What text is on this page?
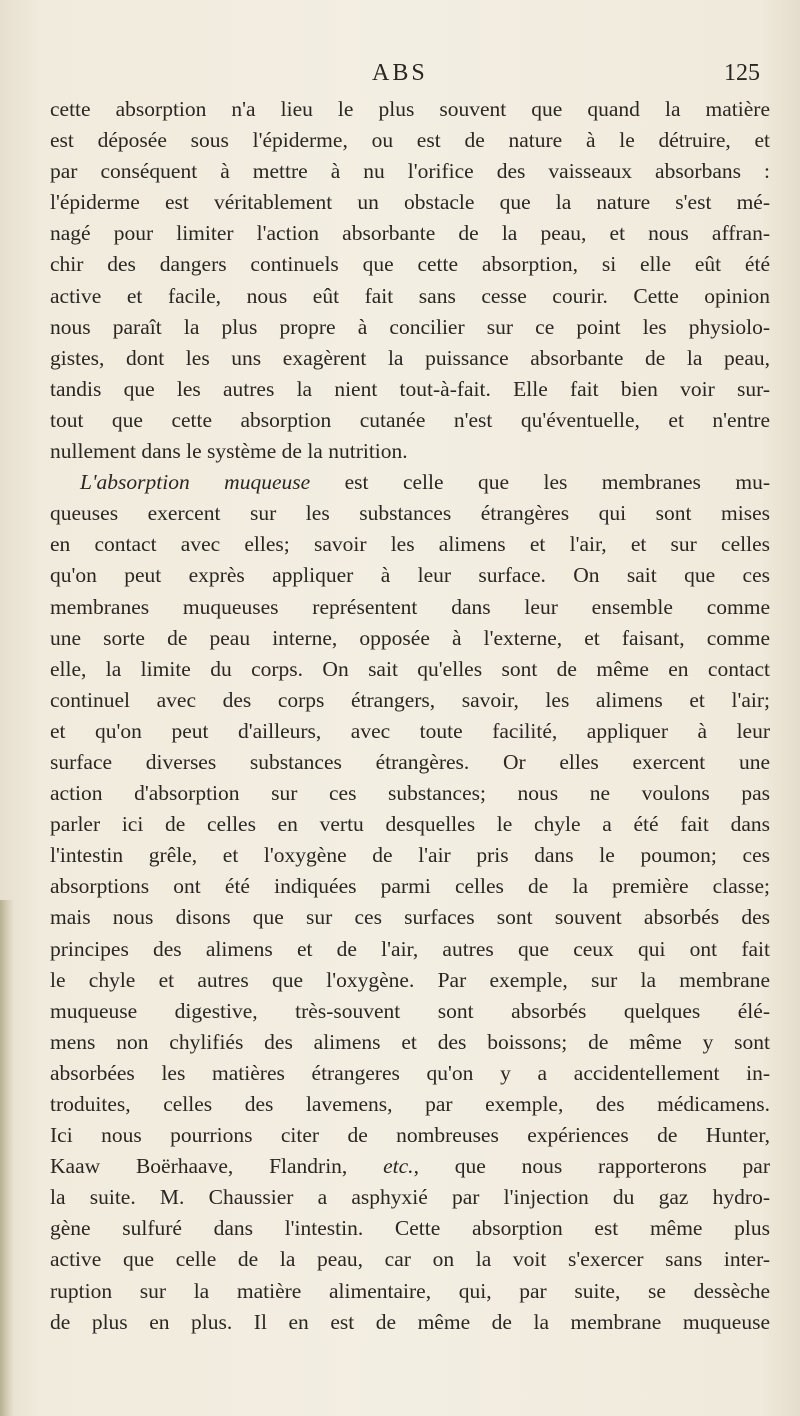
ABS	125
cette absorption n'a lieu le plus souvent que quand la matière
est déposée sous l'épiderme, ou est de nature à le détruire, et
par conséquent à mettre à nu l'orifice des vaisseaux absorbans :
l'épiderme est véritablement un obstacle que la nature s'est mé-
nagé pour limiter l'action absorbante de la peau, et nous affran-
chir des dangers continuels que cette absorption, si elle eût été
active et facile, nous eût fait sans cesse courir. Cette opinion
nous paraît la plus propre à concilier sur ce point les physiolo-
gistes, dont les uns exagèrent la puissance absorbante de la peau,
tandis que les autres la nient tout-à-fait. Elle fait bien voir sur-
tout que cette absorption cutanée n'est qu'éventuelle, et n'entre
nullement dans le système de la nutrition.
L'absorption muqueuse est celle que les membranes mu-
queuses exercent sur les substances étrangères qui sont mises
en contact avec elles; savoir les alimens et l'air, et sur celles
qu'on peut exprès appliquer à leur surface. On sait que ces
membranes muqueuses représentent dans leur ensemble comme
une sorte de peau interne, opposée à l'externe, et faisant, comme
elle, la limite du corps. On sait qu'elles sont de même en contact
continuel avec des corps étrangers, savoir, les alimens et l'air;
et qu'on peut d'ailleurs, avec toute facilité, appliquer à leur
surface diverses substances étrangères. Or elles exercent une
action d'absorption sur ces substances; nous ne voulons pas
parler ici de celles en vertu desquelles le chyle a été fait dans
l'intestin grêle, et l'oxygène de l'air pris dans le poumon; ces
absorptions ont été indiquées parmi celles de la première classe;
mais nous disons que sur ces surfaces sont souvent absorbés des
principes des alimens et de l'air, autres que ceux qui ont fait
le chyle et autres que l'oxygène. Par exemple, sur la membrane
muqueuse digestive, très-souvent sont absorbés quelques élé-
mens non chylifiés des alimens et des boissons; de même y sont
absorbées les matières étrangeres qu'on y a accidentellement in-
troduites, celles des lavemens, par exemple, des médicamens.
Ici nous pourrions citer de nombreuses expériences de Hunter,
Kaaw Boërhaave, Flandrin, etc., que nous rapporterons par
la suite. M. Chaussier a asphyxié par l'injection du gaz hydro-
gène sulfuré dans l'intestin. Cette absorption est même plus
active que celle de la peau, car on la voit s'exercer sans inter-
ruption sur la matière alimentaire, qui, par suite, se dessèche
de plus en plus. Il en est de même de la membrane muqueuse
